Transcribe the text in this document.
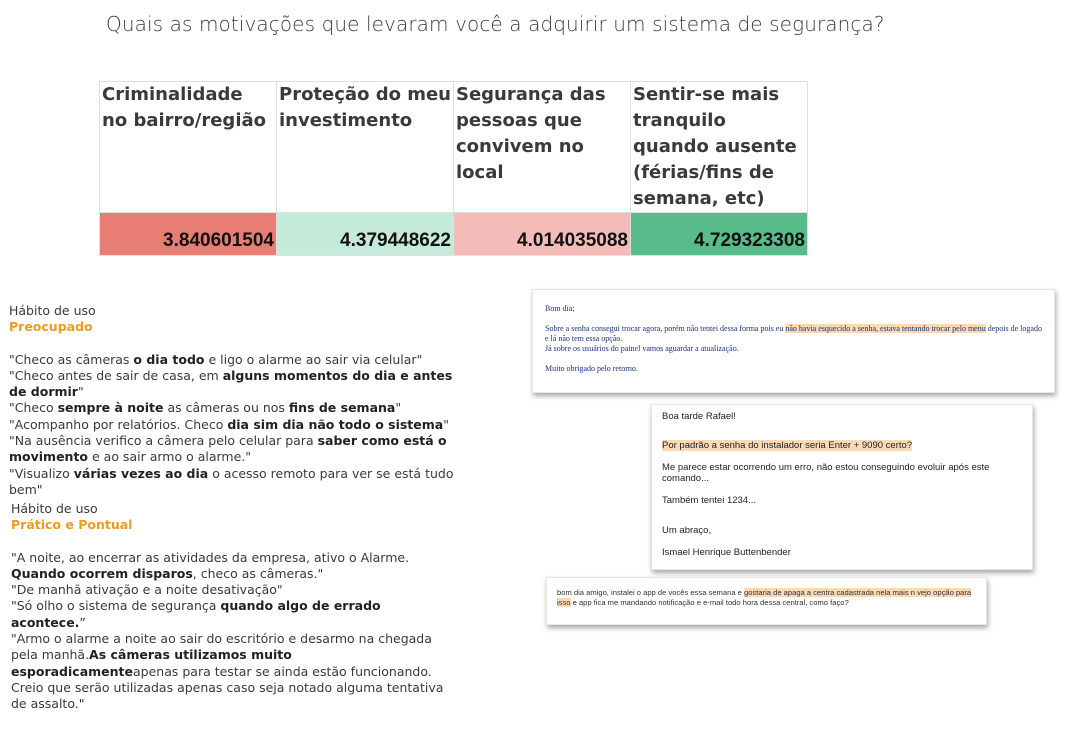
Quais as motivações que levaram você a adquirir um sistema de segurança?
Criminalidade no bairro/região	Proteção do meu investimento	Segurança das pessoas que convivem no local	Sentir-se mais tranquilo quando ausente (férias/fins de semana, etc)
3.840601504	4.379448622	4.014035088	4.729323308
Hábito de uso
Preocupado
"Checo as câmeras o dia todo e ligo o alarme ao sair via celular"
"Checo antes de sair de casa, em alguns momentos do dia e antes de dormir"
"Checo sempre à noite as câmeras ou nos fins de semana"
"Acompanho por relatórios. Checo dia sim dia não todo o sistema"
"Na ausência verifico a câmera pelo celular para saber como está o movimento e ao sair armo o alarme."
"Visualizo várias vezes ao dia o acesso remoto para ver se está tudo bem"
Hábito de uso
Prático e Pontual
"A noite, ao encerrar as atividades da empresa, ativo o Alarme. Quando ocorrem disparos, checo as câmeras."
"De manhã ativação e a noite desativação"
"Só olho o sistema de segurança quando algo de errado acontece.”
"Armo o alarme a noite ao sair do escritório e desarmo na chegada pela manhã.As câmeras utilizamos muito esporadicamenteapenas para testar se ainda estão funcionando. Creio que serão utilizadas apenas caso seja notado alguma tentativa de assalto."
Bom dia;
Sobre a senha consegui trocar agora, porém não tentei dessa forma pois eu não havia esquecido a senha, estava tentando trocar pelo menu depois de logado e lá não tem essa opção.
Já sobre os usuários do painel vamos aguardar a atualização.
Muito obrigado pelo retorno.

Boa tarde Rafael!

Por padrão a senha do instalador seria Enter + 9090 certo?

Me parece estar ocorrendo um erro, não estou conseguindo evoluir após este comando...

Também tentei 1234...

Um abraço,

Ismael Henrique Buttenbender

bom dia amigo, instalei o app de vocês essa semana e gostaria de apaga a centra cadastrada nela mais n vejo opção para isso e app fica me mandando notificação e e-mail todo hora dessa central, como faço?
